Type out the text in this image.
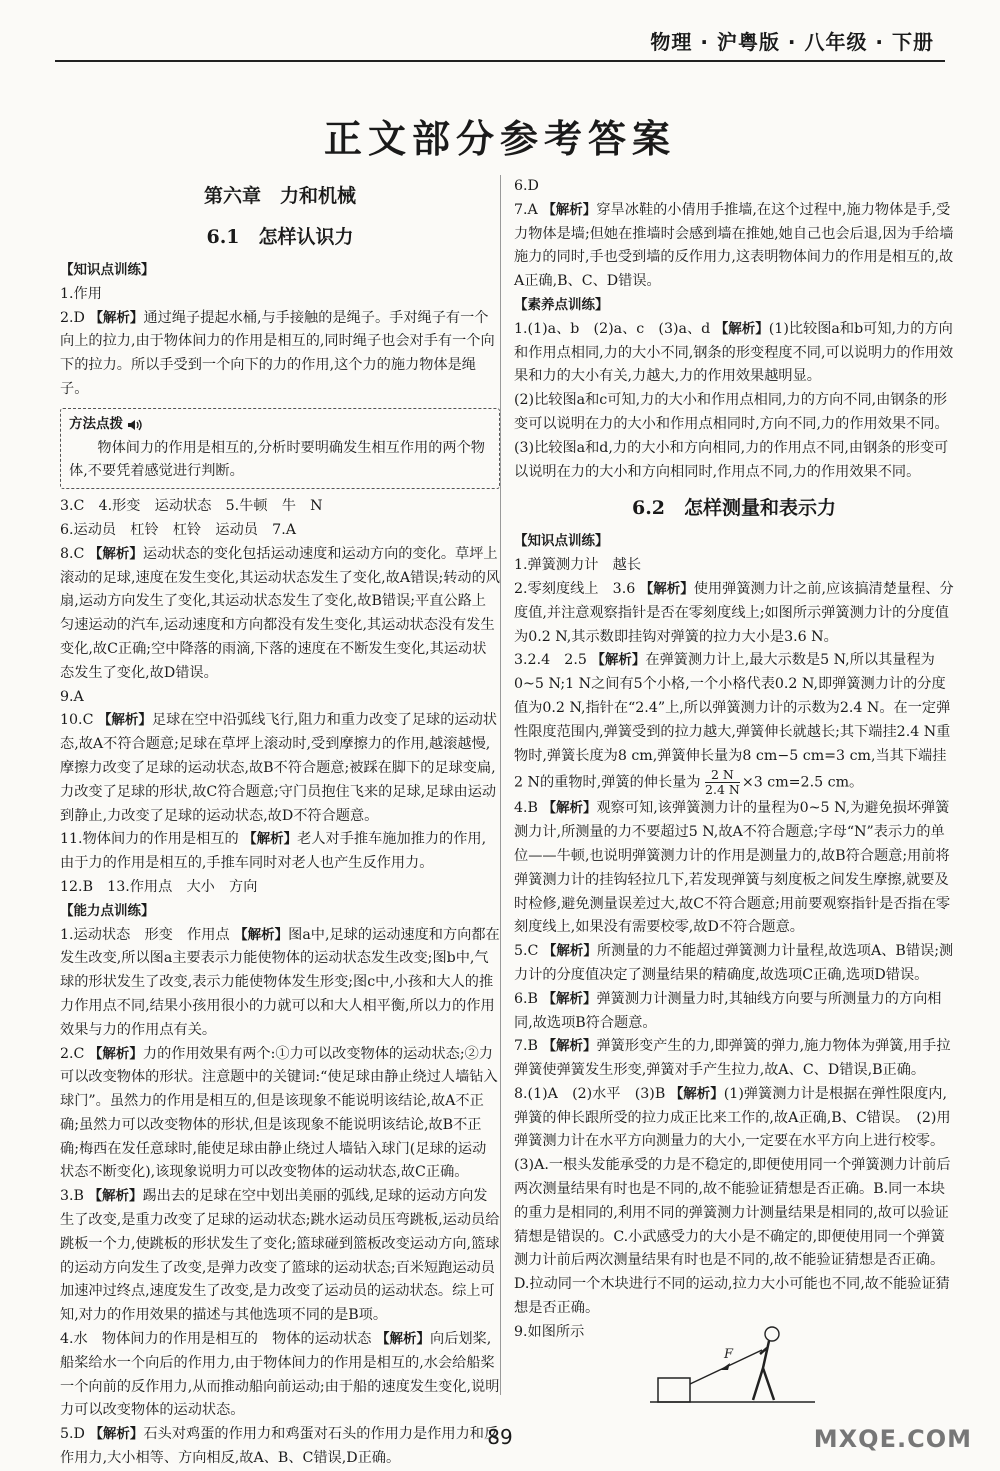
物理 · 沪粤版 · 八年级 · 下册
正文部分参考答案
第六章　力和机械
6.1　怎样认识力
【知识点训练】

1.作用

2.D 【解析】通过绳子提起水桶,与手接触的是绳子。手对绳子有一个向上的拉力,由于物体间力的作用是相互的,同时绳子也会对手有一个向下的拉力。所以手受到一个向下的力的作用,这个力的施力物体是绳子。

方法点拨
物体间力的作用是相互的,分析时要明确发生相互作用的两个物体,不要凭着感觉进行判断。

3.C　4.形变　运动状态　5.牛顿　牛　N

6.运动员　杠铃　杠铃　运动员　7.A

8.C 【解析】运动状态的变化包括运动速度和运动方向的变化。草坪上滚动的足球,速度在发生变化,其运动状态发生了变化,故A错误;转动的风扇,运动方向发生了变化,其运动状态发生了变化,故B错误;平直公路上匀速运动的汽车,运动速度和方向都没有发生变化,其运动状态没有发生变化,故C正确;空中降落的雨滴,下落的速度在不断发生变化,其运动状态发生了变化,故D错误。

9.A

10.C 【解析】足球在空中沿弧线飞行,阻力和重力改变了足球的运动状态,故A不符合题意;足球在草坪上滚动时,受到摩擦力的作用,越滚越慢,摩擦力改变了足球的运动状态,故B不符合题意;被踩在脚下的足球变扁,力改变了足球的形状,故C符合题意;守门员抱住飞来的足球,足球由运动到静止,力改变了足球的运动状态,故D不符合题意。

11.物体间力的作用是相互的 【解析】老人对手推车施加推力的作用,由于力的作用是相互的,手推车同时对老人也产生反作用力。

12.B　13.作用点　大小　方向

【能力点训练】

1.运动状态　形变　作用点 【解析】图a中,足球的运动速度和方向都在发生改变,所以图a主要表示力能使物体的运动状态发生改变;图b中,气球的形状发生了改变,表示力能使物体发生形变;图c中,小孩和大人的推力作用点不同,结果小孩用很小的力就可以和大人相平衡,所以力的作用效果与力的作用点有关。

2.C 【解析】力的作用效果有两个:①力可以改变物体的运动状态;②力可以改变物体的形状。注意题中的关键词:“使足球由静止绕过人墙钻入球门”。虽然力的作用是相互的,但是该现象不能说明该结论,故A不正确;虽然力可以改变物体的形状,但是该现象不能说明该结论,故B不正确;梅西在发任意球时,能使足球由静止绕过人墙钻入球门(足球的运动状态不断变化),该现象说明力可以改变物体的运动状态,故C正确。

3.B 【解析】踢出去的足球在空中划出美丽的弧线,足球的运动方向发生了改变,是重力改变了足球的运动状态;跳水运动员压弯跳板,运动员给跳板一个力,使跳板的形状发生了变化;篮球碰到篮板改变运动方向,篮球的运动方向发生了改变,是弹力改变了篮球的运动状态;百米短跑运动员加速冲过终点,速度发生了改变,是力改变了运动员的运动状态。综上可知,对力的作用效果的描述与其他选项不同的是B项。

4.水　物体间力的作用是相互的　物体的运动状态 【解析】向后划桨,船桨给水一个向后的作用力,由于物体间力的作用是相互的,水会给船桨一个向前的反作用力,从而推动船向前运动;由于船的速度发生变化,说明力可以改变物体的运动状态。

5.D 【解析】石头对鸡蛋的作用力和鸡蛋对石头的作用力是作用力和反作用力,大小相等、方向相反,故A、B、C错误,D正确。

6.D

7.A 【解析】穿旱冰鞋的小倩用手推墙,在这个过程中,施力物体是手,受力物体是墙;但她在推墙时会感到墙在推她,她自己也会后退,因为手给墙施力的同时,手也受到墙的反作用力,这表明物体间力的作用是相互的,故A正确,B、C、D错误。

【素养点训练】

1.(1)a、b　(2)a、c　(3)a、d 【解析】(1)比较图a和b可知,力的方向和作用点相同,力的大小不同,钢条的形变程度不同,可以说明力的作用效果和力的大小有关,力越大,力的作用效果越明显。

(2)比较图a和c可知,力的大小和作用点相同,力的方向不同,由钢条的形变可以说明在力的大小和作用点相同时,方向不同,力的作用效果不同。　(3)比较图a和d,力的大小和方向相同,力的作用点不同,由钢条的形变可以说明在力的大小和方向相同时,作用点不同,力的作用效果不同。

6.2　怎样测量和表示力
【知识点训练】

1.弹簧测力计　越长

2.零刻度线上　3.6 【解析】使用弹簧测力计之前,应该搞清楚量程、分度值,并注意观察指针是否在零刻度线上;如图所示弹簧测力计的分度值为0.2 N,其示数即挂钩对弹簧的拉力大小是3.6 N。

3.2.4　2.5 【解析】在弹簧测力计上,最大示数是5 N,所以其量程为0~5 N;1 N之间有5个小格,一个小格代表0.2 N,即弹簧测力计的分度值为0.2 N,指针在“2.4”上,所以弹簧测力计的示数为2.4 N。在一定弹性限度范围内,弹簧受到的拉力越大,弹簧伸长就越长;其下端挂2.4 N重物时,弹簧长度为8 cm,弹簧伸长量为8 cm−5 cm=3 cm,当其下端挂2 N的重物时,弹簧的伸长量为 $\frac{2 N}{2.4 N} \times 3$ cm=2.5 cm。

4.B 【解析】观察可知,该弹簧测力计的量程为0~5 N,为避免损坏弹簧测力计,所测量的力不要超过5 N,故A不符合题意;字母“N”表示力的单位——牛顿,也说明弹簧测力计的作用是测量力的,故B符合题意;用前将弹簧测力计的挂钩轻拉几下,若发现弹簧与刻度板之间发生摩擦,就要及时检修,避免测量误差过大,故C不符合题意;用前要观察指针是否指在零刻度线上,如果没有需要校零,故D不符合题意。

5.C 【解析】所测量的力不能超过弹簧测力计量程,故选项A、B错误;测力计的分度值决定了测量结果的精确度,故选项C正确,选项D错误。

6.B 【解析】弹簧测力计测量力时,其轴线方向要与所测量力的方向相同,故选项B符合题意。

7.B 【解析】弹簧形变产生的力,即弹簧的弹力,施力物体为弹簧,用手拉弹簧使弹簧发生形变,弹簧对手产生拉力,故A、C、D错误,B正确。

8.(1)A　(2)水平　(3)B 【解析】(1)弹簧测力计是根据在弹性限度内,弹簧的伸长跟所受的拉力成正比来工作的,故A正确,B、C错误。　(2)用弹簧测力计在水平方向测量力的大小,一定要在水平方向上进行校零。　(3)A.一根头发能承受的力是不稳定的,即便使用同一个弹簧测力计前后两次测量结果有时也是不同的,故不能验证猜想是否正确。B.同一本块的重力是相同的,利用不同的弹簧测力计测量结果是相同的,故可以验证猜想是错误的。C.小武感受力的大小是不确定的,即便使用同一个弹簧测力计前后两次测量结果有时也是不同的,故不能验证猜想是否正确。D.拉动同一个木块进行不同的运动,拉力大小可能也不同,故不能验证猜想是否正确。

9.如图所示

F
89	MXQE.COM
